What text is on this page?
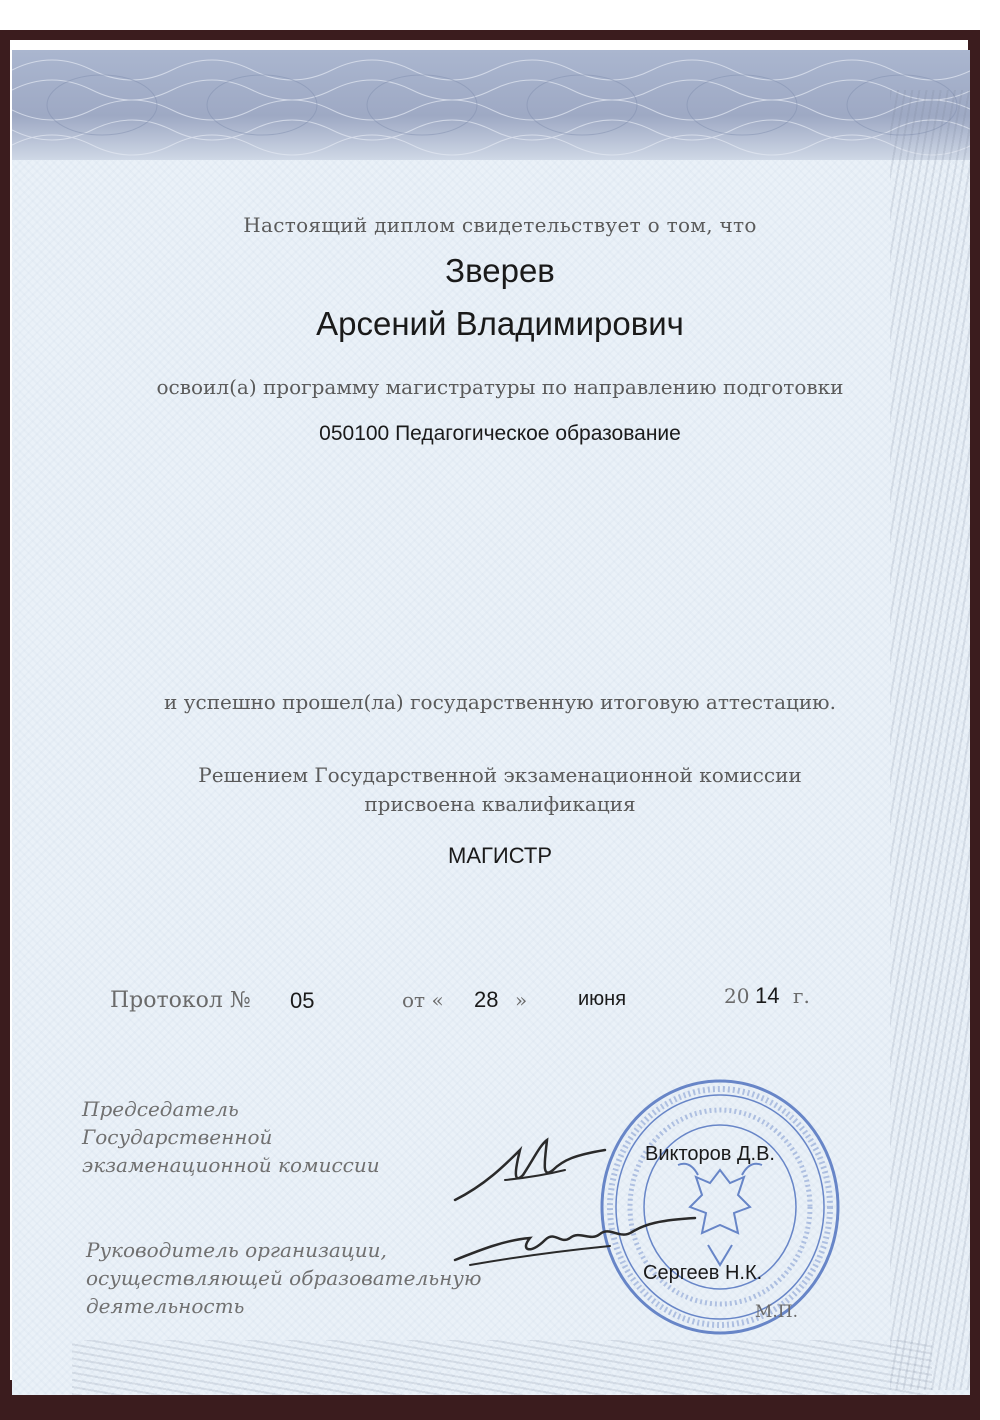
Настоящий диплом свидетельствует о том, что
Зверев
Арсений Владимирович
освоил(а) программу магистратуры по направлению подготовки
050100 Педагогическое образование
и успешно прошел(ла) государственную итоговую аттестацию.
Решением Государственной экзаменационной комиссии
присвоена квалификация
МАГИСТР
Протокол № 05	от « 28 »	июня	20 14 г.
Председатель
Государственной
экзаменационной комиссии
Руководитель организации,
осуществляющей образовательную
деятельность
Викторов Д.В.
Сергеев Н.К.
М.П.
